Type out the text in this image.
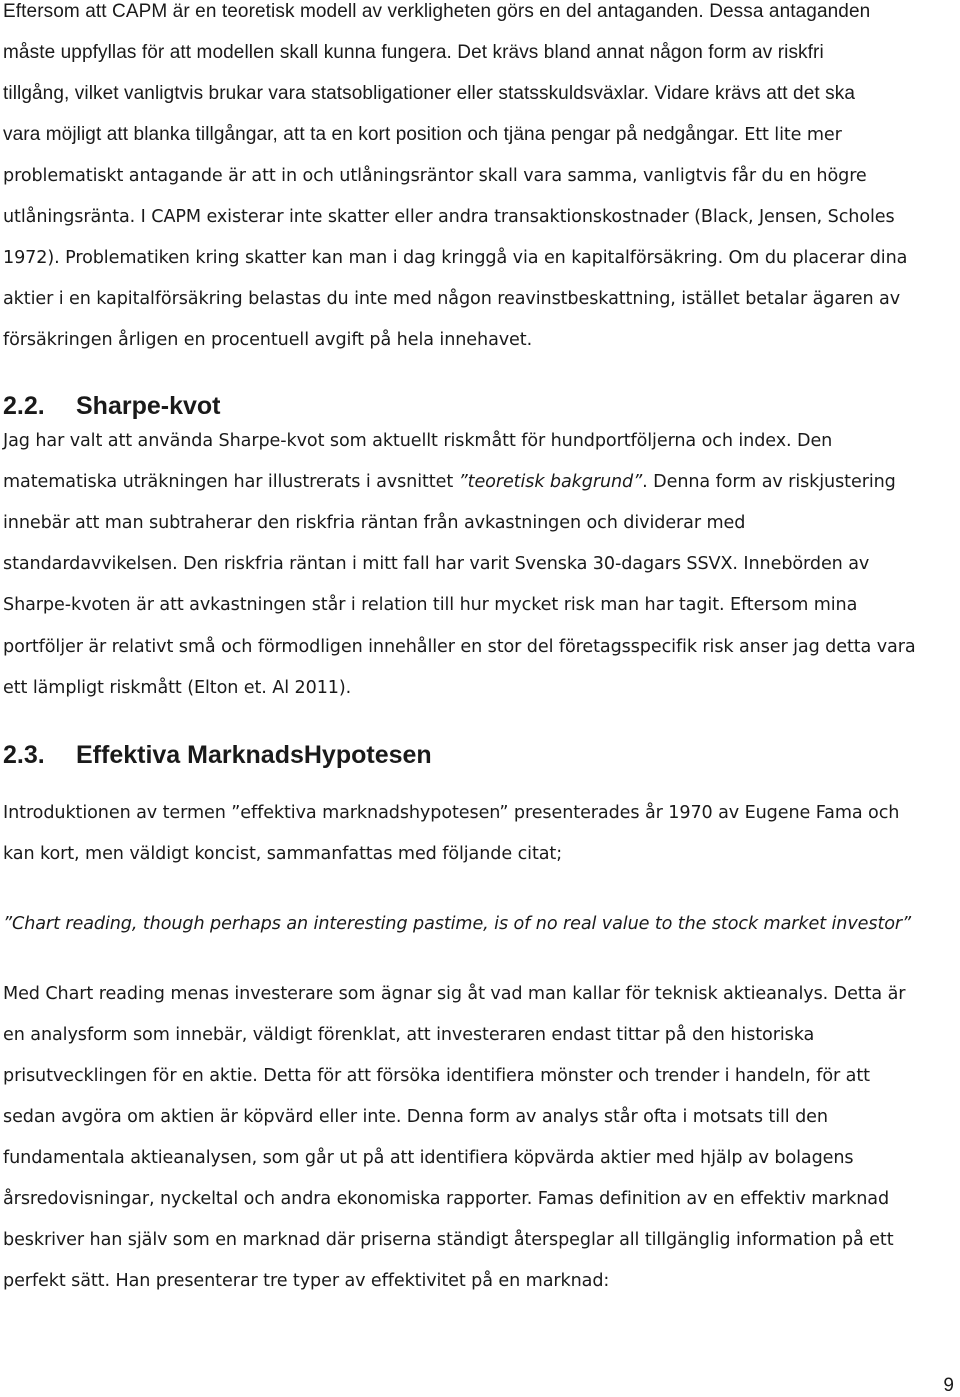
Eftersom att CAPM är en teoretisk modell av verkligheten görs en del antaganden. Dessa antaganden
måste uppfyllas för att modellen skall kunna fungera. Det krävs bland annat någon form av riskfri
tillgång, vilket vanligtvis brukar vara statsobligationer eller statsskuldsväxlar. Vidare krävs att det ska
vara möjligt att blanka tillgångar, att ta en kort position och tjäna pengar på nedgångar. Ett lite mer
problematiskt antagande är att in och utlåningsräntor skall vara samma, vanligtvis får du en högre
utlåningsränta. I CAPM existerar inte skatter eller andra transaktionskostnader (Black, Jensen, Scholes
1972). Problematiken kring skatter kan man i dag kringgå via en kapitalförsäkring. Om du placerar dina
aktier i en kapitalförsäkring belastas du inte med någon reavinstbeskattning, istället betalar ägaren av
försäkringen årligen en procentuell avgift på hela innehavet.
2.2. Sharpe-kvot
Jag har valt att använda Sharpe-kvot som aktuellt riskmått för hundportföljerna och index. Den
matematiska uträkningen har illustrerats i avsnittet ”teoretisk bakgrund”. Denna form av riskjustering
innebär att man subtraherar den riskfria räntan från avkastningen och dividerar med
standardavvikelsen. Den riskfria räntan i mitt fall har varit Svenska 30-dagars SSVX. Innebörden av
Sharpe-kvoten är att avkastningen står i relation till hur mycket risk man har tagit. Eftersom mina
portföljer är relativt små och förmodligen innehåller en stor del företagsspecifik risk anser jag detta vara
ett lämpligt riskmått (Elton et. Al 2011).
2.3. Effektiva MarknadsHypotesen
Introduktionen av termen ”effektiva marknadshypotesen” presenterades år 1970 av Eugene Fama och
kan kort, men väldigt koncist, sammanfattas med följande citat;
”Chart reading, though perhaps an interesting pastime, is of no real value to the stock market investor”
Med Chart reading menas investerare som ägnar sig åt vad man kallar för teknisk aktieanalys. Detta är
en analysform som innebär, väldigt förenklat, att investeraren endast tittar på den historiska
prisutvecklingen för en aktie. Detta för att försöka identifiera mönster och trender i handeln, för att
sedan avgöra om aktien är köpvärd eller inte. Denna form av analys står ofta i motsats till den
fundamentala aktieanalysen, som går ut på att identifiera köpvärda aktier med hjälp av bolagens
årsredovisningar, nyckeltal och andra ekonomiska rapporter. Famas definition av en effektiv marknad
beskriver han själv som en marknad där priserna ständigt återspeglar all tillgänglig information på ett
perfekt sätt. Han presenterar tre typer av effektivitet på en marknad:
9
